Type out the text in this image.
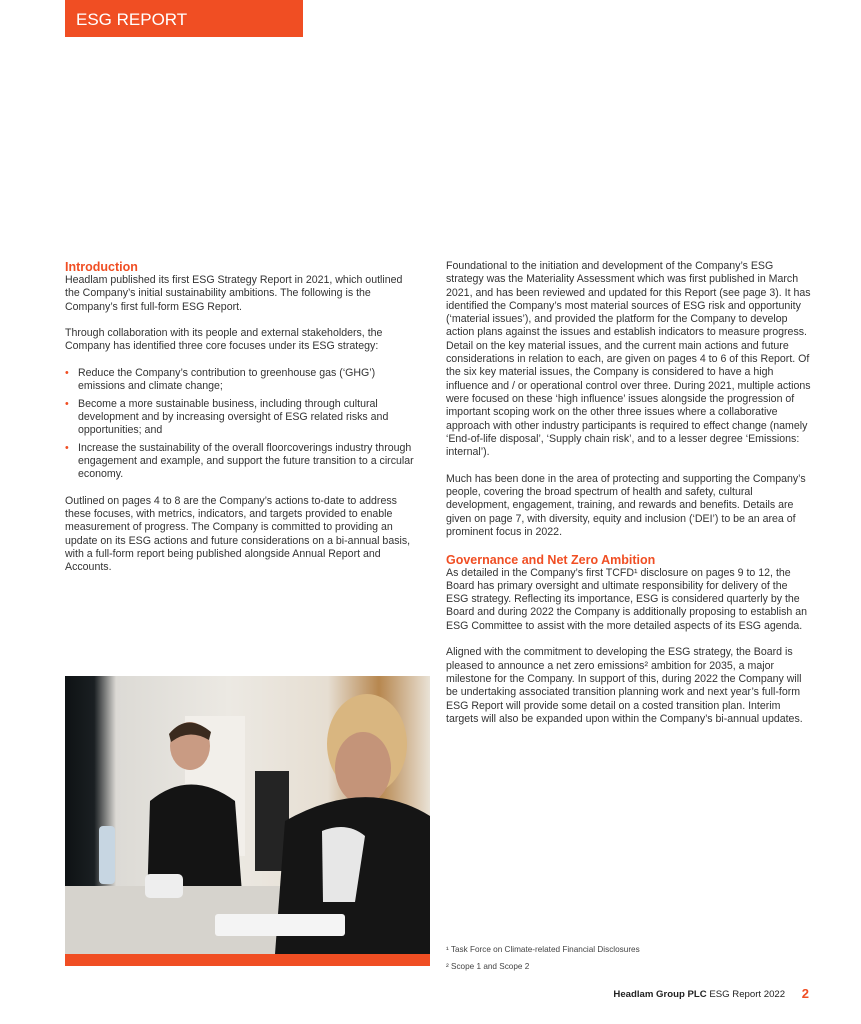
ESG REPORT
Introduction

Headlam published its first ESG Strategy Report in 2021, which outlined the Company’s initial sustainability ambitions. The following is the Company’s first full-form ESG Report.

Through collaboration with its people and external stakeholders, the Company has identified three core focuses under its ESG strategy:

• Reduce the Company’s contribution to greenhouse gas (‘GHG’) emissions and climate change;
• Become a more sustainable business, including through cultural development and by increasing oversight of ESG related risks and opportunities; and
• Increase the sustainability of the overall floorcoverings industry through engagement and example, and support the future transition to a circular economy.

Outlined on pages 4 to 8 are the Company’s actions to-date to address these focuses, with metrics, indicators, and targets provided to enable measurement of progress. The Company is committed to providing an update on its ESG actions and future considerations on a bi-annual basis, with a full-form report being published alongside Annual Report and Accounts.

Foundational to the initiation and development of the Company’s ESG strategy was the Materiality Assessment which was first published in March 2021, and has been reviewed and updated for this Report (see page 3). It has identified the Company’s most material sources of ESG risk and opportunity (‘material issues’), and provided the platform for the Company to develop action plans against the issues and establish indicators to measure progress. Detail on the key material issues, and the current main actions and future considerations in relation to each, are given on pages 4 to 6 of this Report. Of the six key material issues, the Company is considered to have a high influence and / or operational control over three. During 2021, multiple actions were focused on these ‘high influence’ issues alongside the progression of important scoping work on the other three issues where a collaborative approach with other industry participants is required to effect change (namely ‘End-of-life disposal’, ‘Supply chain risk’, and to a lesser degree ‘Emissions: internal’).

Much has been done in the area of protecting and supporting the Company’s people, covering the broad spectrum of health and safety, cultural development, engagement, training, and rewards and benefits. Details are given on page 7, with diversity, equity and inclusion (‘DEI’) to be an area of prominent focus in 2022.

Governance and Net Zero Ambition

As detailed in the Company’s first TCFD¹ disclosure on pages 9 to 12, the Board has primary oversight and ultimate responsibility for delivery of the ESG strategy. Reflecting its importance, ESG is considered quarterly by the Board and during 2022 the Company is additionally proposing to establish an ESG Committee to assist with the more detailed aspects of its ESG agenda.

Aligned with the commitment to developing the ESG strategy, the Board is pleased to announce a net zero emissions² ambition for 2035, a major milestone for the Company. In support of this, during 2022 the Company will be undertaking associated transition planning work and next year’s full-form ESG Report will provide some detail on a costed transition plan. Interim targets will also be expanded upon within the Company’s bi-annual updates.

¹ Task Force on Climate-related Financial Disclosures
² Scope 1 and Scope 2
Headlam Group PLC ESG Report 2022 2
